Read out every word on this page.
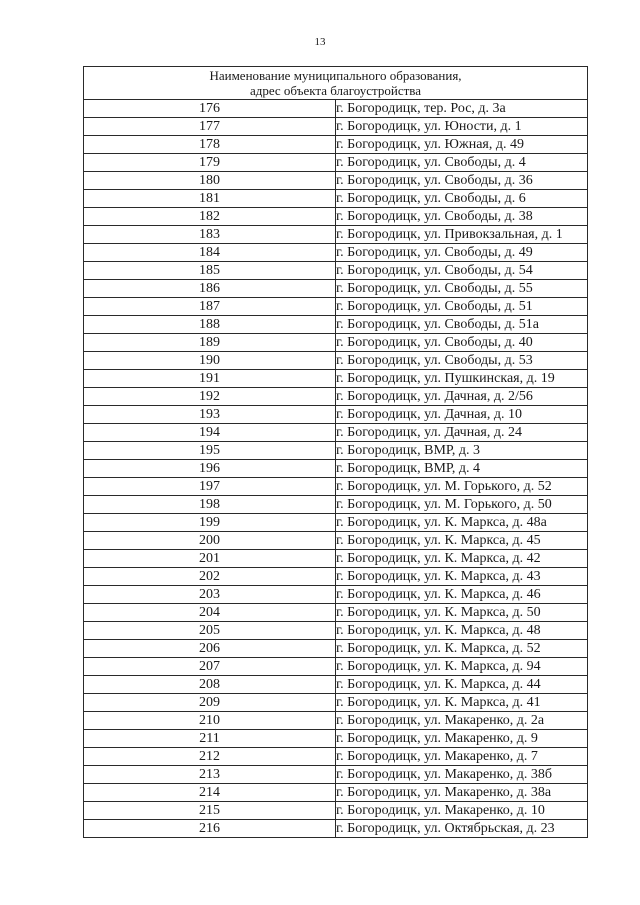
13
Наименование муниципального образования,
адрес объекта благоустройства	

176	г. Богородицк, тер. Рос, д. 3а
177	г. Богородицк, ул. Юности, д. 1
178	г. Богородицк, ул. Южная, д. 49
179	г. Богородицк, ул. Свободы, д. 4
180	г. Богородицк, ул. Свободы, д. 36
181	г. Богородицк, ул. Свободы, д. 6
182	г. Богородицк, ул. Свободы, д. 38
183	г. Богородицк, ул. Привокзальная, д. 1
184	г. Богородицк, ул. Свободы, д. 49
185	г. Богородицк, ул. Свободы, д. 54
186	г. Богородицк, ул. Свободы, д. 55
187	г. Богородицк, ул. Свободы, д. 51
188	г. Богородицк, ул. Свободы, д. 51а
189	г. Богородицк, ул. Свободы, д. 40
190	г. Богородицк, ул. Свободы, д. 53
191	г. Богородицк, ул. Пушкинская, д. 19
192	г. Богородицк, ул. Дачная, д. 2/56
193	г. Богородицк, ул. Дачная, д. 10
194	г. Богородицк, ул. Дачная, д. 24
195	г. Богородицк, ВМР, д. 3
196	г. Богородицк, ВМР, д. 4
197	г. Богородицк, ул. М. Горького, д. 52
198	г. Богородицк, ул. М. Горького, д. 50
199	г. Богородицк, ул. К. Маркса, д. 48а
200	г. Богородицк, ул. К. Маркса, д. 45
201	г. Богородицк, ул. К. Маркса, д. 42
202	г. Богородицк, ул. К. Маркса, д. 43
203	г. Богородицк, ул. К. Маркса, д. 46
204	г. Богородицк, ул. К. Маркса, д. 50
205	г. Богородицк, ул. К. Маркса, д. 48
206	г. Богородицк, ул. К. Маркса, д. 52
207	г. Богородицк, ул. К. Маркса, д. 94
208	г. Богородицк, ул. К. Маркса, д. 44
209	г. Богородицк, ул. К. Маркса, д. 41
210	г. Богородицк, ул. Макаренко, д. 2а
211	г. Богородицк, ул. Макаренко, д. 9
212	г. Богородицк, ул. Макаренко, д. 7
213	г. Богородицк, ул. Макаренко, д. 38б
214	г. Богородицк, ул. Макаренко, д. 38а
215	г. Богородицк, ул. Макаренко, д. 10
216	г. Богородицк, ул. Октябрьская, д. 23
